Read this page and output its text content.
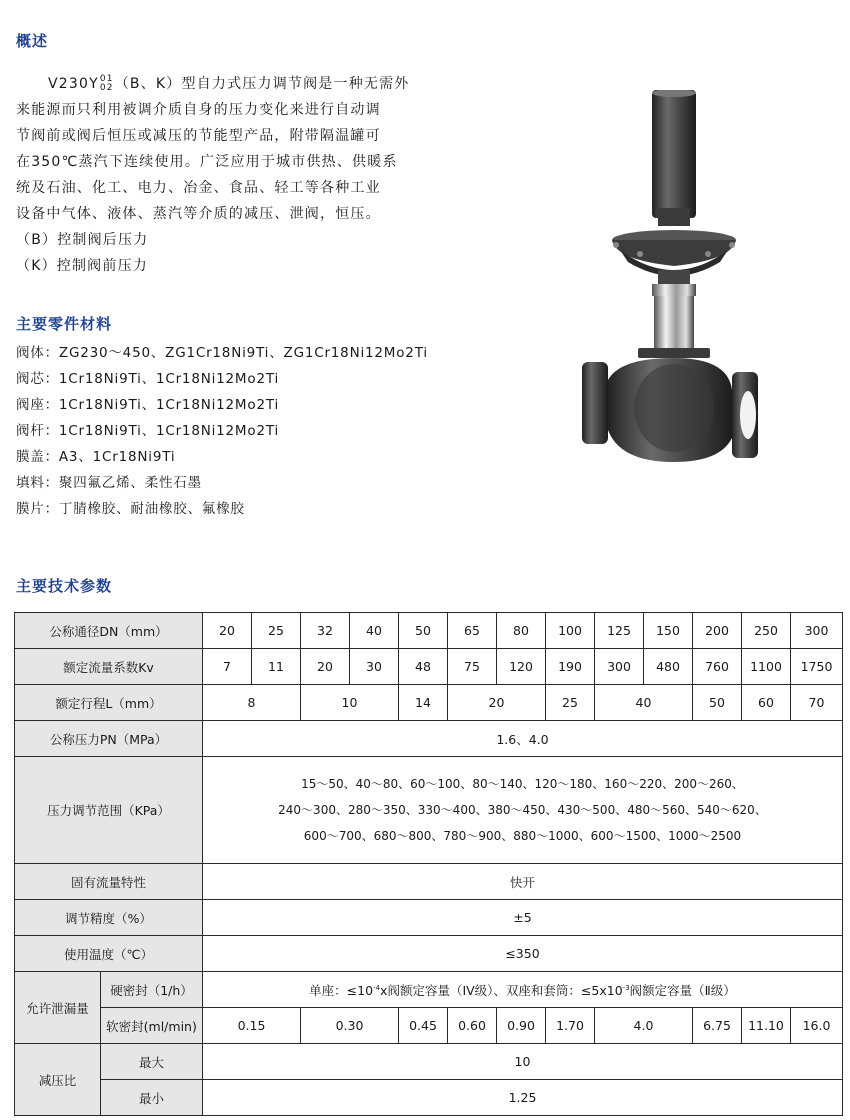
概述

V230Y 01
02 （B、K）型自力式压力调节阀是一种无需外

来能源而只利用被调介质自身的压力变化来进行自动调

节阀前或阀后恒压或减压的节能型产品，附带隔温罐可

在350℃蒸汽下连续使用。广泛应用于城市供热、供暖系

统及石油、化工、电力、冶金、食品、轻工等各种工业

设备中气体、液体、蒸汽等介质的减压、泄阀，恒压。

（B）控制阀后压力

（K）控制阀前压力

主要零件材料

阀体：ZG230～450、ZG1Cr18Ni9Ti、ZG1Cr18Ni12Mo2Ti

阀芯：1Cr18Ni9Ti、1Cr18Ni12Mo2Ti

阀座：1Cr18Ni9Ti、1Cr18Ni12Mo2Ti

阀杆：1Cr18Ni9Ti、1Cr18Ni12Mo2Ti

膜盖：A3、1Cr18Ni9Ti

填料：聚四氟乙烯、柔性石墨

膜片：丁腈橡胶、耐油橡胶、氟橡胶

主要技术参数
公称通径DN（mm）		20	25	32	40	50	65	80	100	125	150	200	250	300
额定流量系数Kv		7	11	20	30	48	75	120	190	300	480	760	1100	1750
额定行程L（mm）		8		10		14	20		25	40		50	60	70
公称压力PN（MPa）		1.6、4.0												
压力调节范围（KPa）		15～50、40～80、60～100、80～140、120～180、160～220、200～260、
240～300、280～350、330～400、380～450、430～500、480～560、540～620、
600～700、680～800、780～900、880～1000、600～1500、1000～2500												

固有流量特性		快开												
调节精度（%）		±5												
使用温度（℃）		≤350												
允许泄漏量	硬密封（1/h）	单座：$\le 10^{-4}x$阀额定容量（IV级）、双座和套筒：$\le 5x10^{-3}$阀额定容量（Ⅱ级）												
	软密封(ml/min)	0.15		0.30		0.45	0.60	0.90	1.70	4.0		6.75	11.10	16.0
减压比	最大	10												
	最小	1.25												
